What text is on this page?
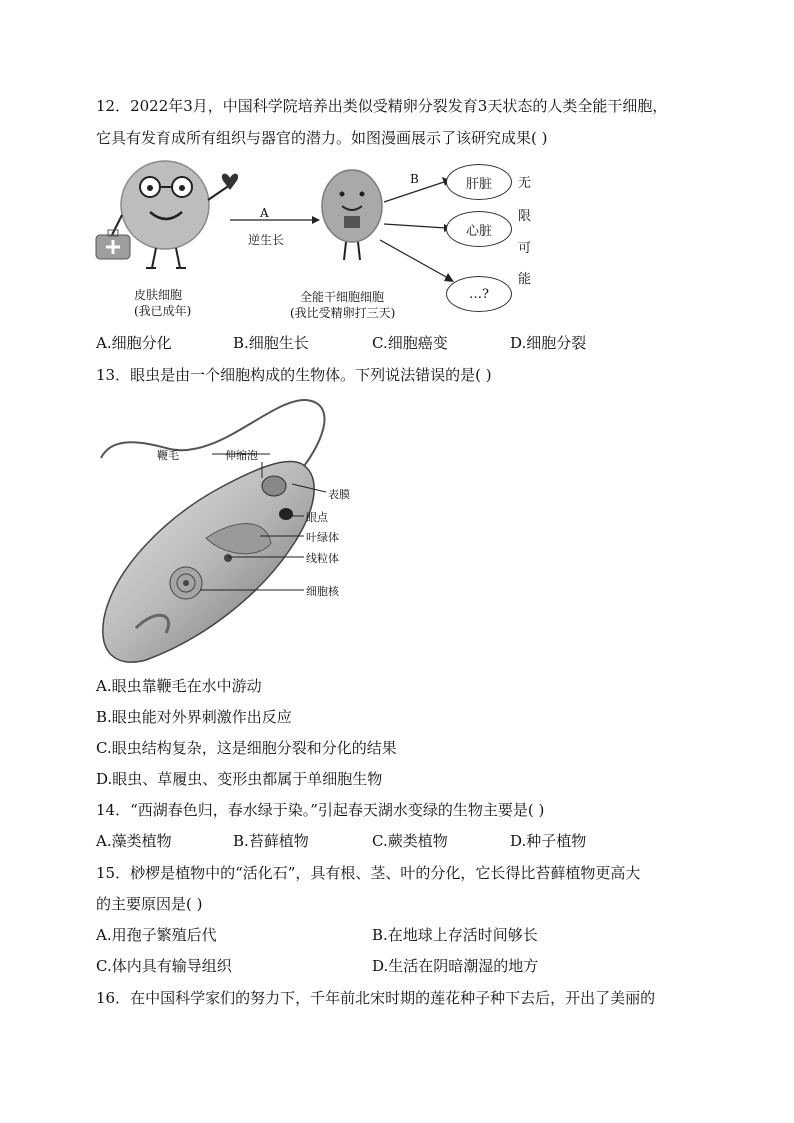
12．2022年3月，中国科学院培养出类似受精卵分裂发育3天状态的人类全能干细胞，
它具有发育成所有组织与器官的潜力。如图漫画展示了该研究成果( )
A
逆生长
B
皮肤细胞
(我已成年)
全能干细胞细胞
(我比受精卵打三天)
肝脏
心脏
…?
无
限
可
能
A.细胞分化	B.细胞生长	C.细胞癌变	D.细胞分裂
13．眼虫是由一个细胞构成的生物体。下列说法错误的是( )
鞭毛	伸缩泡
表膜
眼点
叶绿体
线粒体
细胞核
A.眼虫靠鞭毛在水中游动
B.眼虫能对外界刺激作出反应
C.眼虫结构复杂，这是细胞分裂和分化的结果
D.眼虫、草履虫、变形虫都属于单细胞生物
14．“西湖春色归，春水绿于染。”引起春天湖水变绿的生物主要是( )
A.藻类植物	B.苔藓植物	C.蕨类植物	D.种子植物
15．桫椤是植物中的“活化石”，具有根、茎、叶的分化，它长得比苔藓植物更高大
的主要原因是( )
A.用孢子繁殖后代	B.在地球上存活时间够长
C.体内具有输导组织	D.生活在阴暗潮湿的地方
16．在中国科学家们的努力下，千年前北宋时期的莲花种子种下去后，开出了美丽的
